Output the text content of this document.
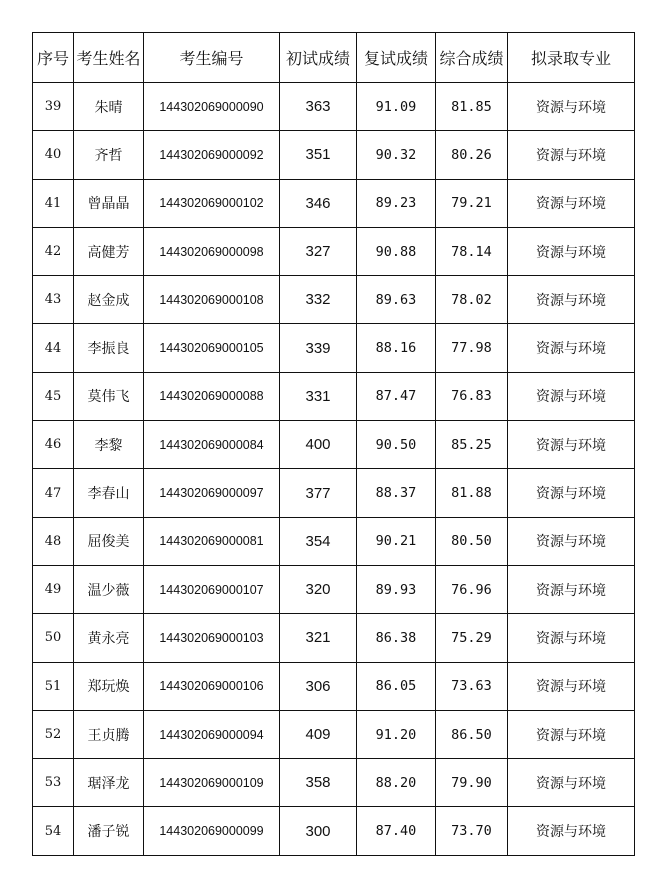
序号	考生姓名	考生编号	初试成绩	复试成绩	综合成绩	拟录取专业
39	朱晴	144302069000090	363	91.09	81.85	资源与环境
40	齐哲	144302069000092	351	90.32	80.26	资源与环境
41	曾晶晶	144302069000102	346	89.23	79.21	资源与环境
42	高健芳	144302069000098	327	90.88	78.14	资源与环境
43	赵金成	144302069000108	332	89.63	78.02	资源与环境
44	李振良	144302069000105	339	88.16	77.98	资源与环境
45	莫伟飞	144302069000088	331	87.47	76.83	资源与环境
46	李黎	144302069000084	400	90.50	85.25	资源与环境
47	李春山	144302069000097	377	88.37	81.88	资源与环境
48	屈俊美	144302069000081	354	90.21	80.50	资源与环境
49	温少薇	144302069000107	320	89.93	76.96	资源与环境
50	黄永亮	144302069000103	321	86.38	75.29	资源与环境
51	郑玩焕	144302069000106	306	86.05	73.63	资源与环境
52	王贞腾	144302069000094	409	91.20	86.50	资源与环境
53	琚泽龙	144302069000109	358	88.20	79.90	资源与环境
54	潘子锐	144302069000099	300	87.40	73.70	资源与环境
